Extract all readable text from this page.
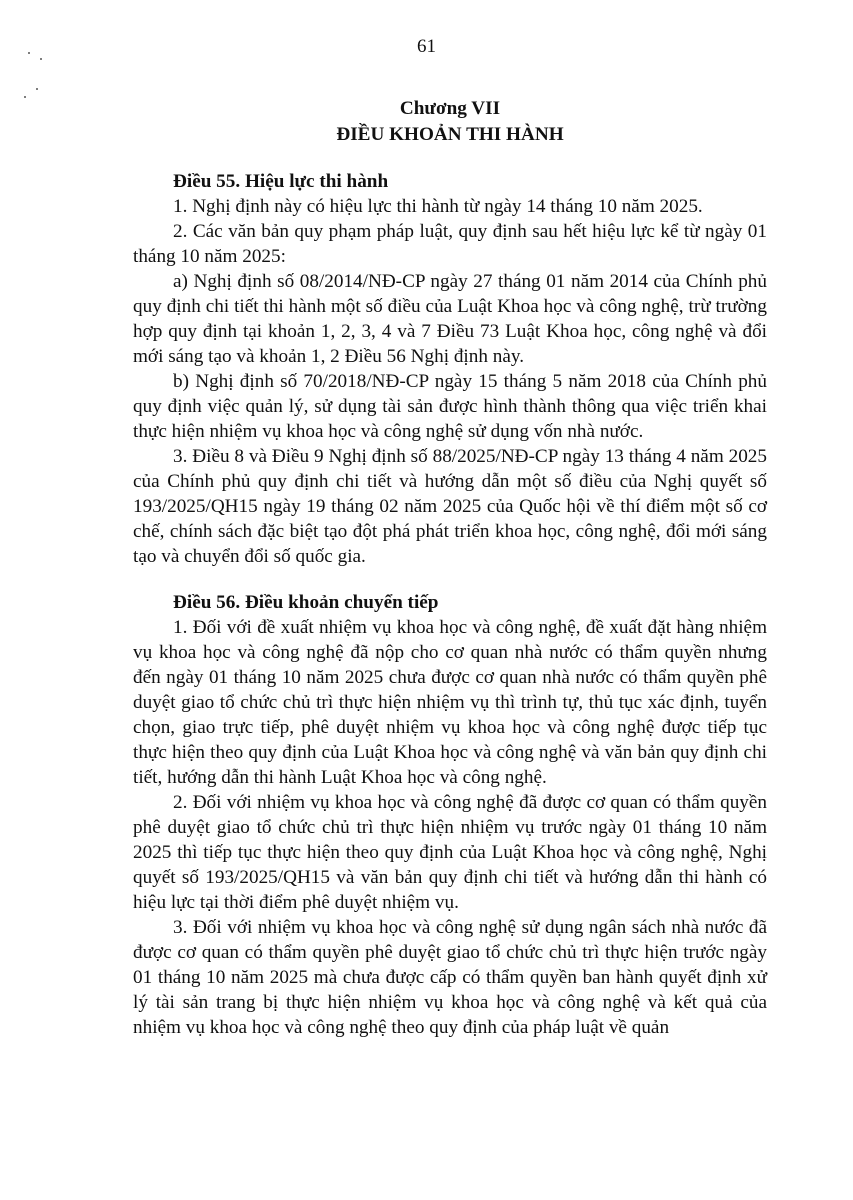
61
Chương VII
ĐIỀU KHOẢN THI HÀNH
Điều 55. Hiệu lực thi hành

1. Nghị định này có hiệu lực thi hành từ ngày 14 tháng 10 năm 2025.

2. Các văn bản quy phạm pháp luật, quy định sau hết hiệu lực kể từ ngày 01 tháng 10 năm 2025:

a) Nghị định số 08/2014/NĐ-CP ngày 27 tháng 01 năm 2014 của Chính phủ quy định chi tiết thi hành một số điều của Luật Khoa học và công nghệ, trừ trường hợp quy định tại khoản 1, 2, 3, 4 và 7 Điều 73 Luật Khoa học, công nghệ và đổi mới sáng tạo và khoản 1, 2 Điều 56 Nghị định này.

b) Nghị định số 70/2018/NĐ-CP ngày 15 tháng 5 năm 2018 của Chính phủ quy định việc quản lý, sử dụng tài sản được hình thành thông qua việc triển khai thực hiện nhiệm vụ khoa học và công nghệ sử dụng vốn nhà nước.

3. Điều 8 và Điều 9 Nghị định số 88/2025/NĐ-CP ngày 13 tháng 4 năm 2025 của Chính phủ quy định chi tiết và hướng dẫn một số điều của Nghị quyết số 193/2025/QH15 ngày 19 tháng 02 năm 2025 của Quốc hội về thí điểm một số cơ chế, chính sách đặc biệt tạo đột phá phát triển khoa học, công nghệ, đổi mới sáng tạo và chuyển đổi số quốc gia.

Điều 56. Điều khoản chuyển tiếp

1. Đối với đề xuất nhiệm vụ khoa học và công nghệ, đề xuất đặt hàng nhiệm vụ khoa học và công nghệ đã nộp cho cơ quan nhà nước có thẩm quyền nhưng đến ngày 01 tháng 10 năm 2025 chưa được cơ quan nhà nước có thẩm quyền phê duyệt giao tổ chức chủ trì thực hiện nhiệm vụ thì trình tự, thủ tục xác định, tuyển chọn, giao trực tiếp, phê duyệt nhiệm vụ khoa học và công nghệ được tiếp tục thực hiện theo quy định của Luật Khoa học và công nghệ và văn bản quy định chi tiết, hướng dẫn thi hành Luật Khoa học và công nghệ.

2. Đối với nhiệm vụ khoa học và công nghệ đã được cơ quan có thẩm quyền phê duyệt giao tổ chức chủ trì thực hiện nhiệm vụ trước ngày 01 tháng 10 năm 2025 thì tiếp tục thực hiện theo quy định của Luật Khoa học và công nghệ, Nghị quyết số 193/2025/QH15 và văn bản quy định chi tiết và hướng dẫn thi hành có hiệu lực tại thời điểm phê duyệt nhiệm vụ.

3. Đối với nhiệm vụ khoa học và công nghệ sử dụng ngân sách nhà nước đã được cơ quan có thẩm quyền phê duyệt giao tổ chức chủ trì thực hiện trước ngày 01 tháng 10 năm 2025 mà chưa được cấp có thẩm quyền ban hành quyết định xử lý tài sản trang bị thực hiện nhiệm vụ khoa học và công nghệ và kết quả của nhiệm vụ khoa học và công nghệ theo quy định của pháp luật về quản
